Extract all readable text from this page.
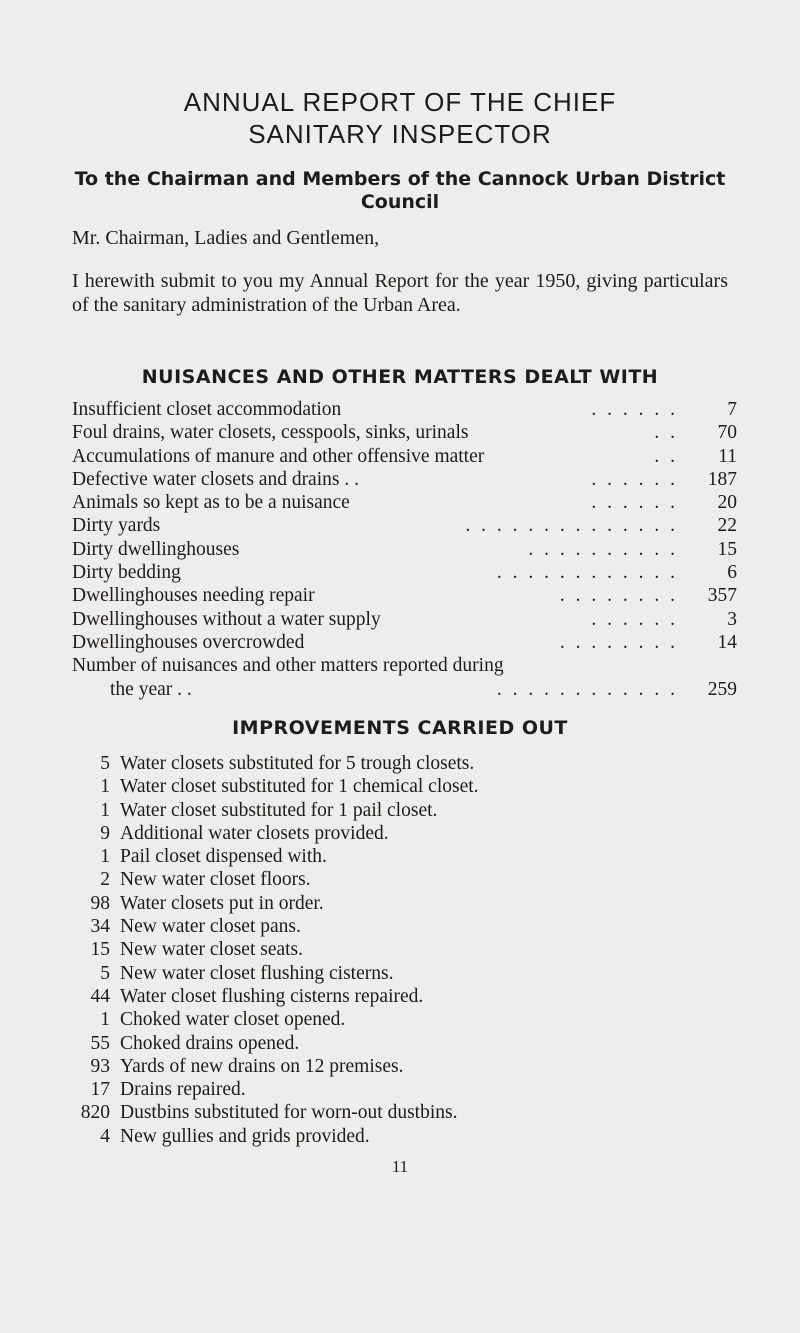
ANNUAL REPORT OF THE CHIEF
SANITARY INSPECTOR
To the Chairman and Members of the Cannock Urban District
Council
Mr. Chairman, Ladies and Gentlemen,
I herewith submit to you my Annual Report for the year 1950, giving particulars of the sanitary administration of the Urban Area.
NUISANCES AND OTHER MATTERS DEALT WITH
Insufficient closet accommodation	. . . . . .	7
Foul drains, water closets, cesspools, sinks, urinals	. . 70
Accumulations of manure and other offensive matter	. . 11
Defective water closets and drains . .	. . . . . . 187
Animals so kept as to be a nuisance	. . . . . . 20
Dirty yards	. . . . . . . . . . . . . . 22
Dirty dwellinghouses	. . . . . . . . . . 15
Dirty bedding	. . . . . . . . . . . .	6
Dwellinghouses needing repair	. . . . . . . . 357
Dwellinghouses without a water supply	. . . . . .	3
Dwellinghouses overcrowded	. . . . . . . . 14
Number of nuisances and other matters reported during
the year . .	. . . . . . . . . . . . 259
IMPROVEMENTS CARRIED OUT
5 Water closets substituted for 5 trough closets.
1 Water closet substituted for 1 chemical closet.
1 Water closet substituted for 1 pail closet.
9 Additional water closets provided.
1 Pail closet dispensed with.
2 New water closet floors.
98 Water closets put in order.
34 New water closet pans.
15 New water closet seats.
5 New water closet flushing cisterns.
44 Water closet flushing cisterns repaired.
1 Choked water closet opened.
55 Choked drains opened.
93 Yards of new drains on 12 premises.
17 Drains repaired.
820 Dustbins substituted for worn-out dustbins.
4 New gullies and grids provided.
11
